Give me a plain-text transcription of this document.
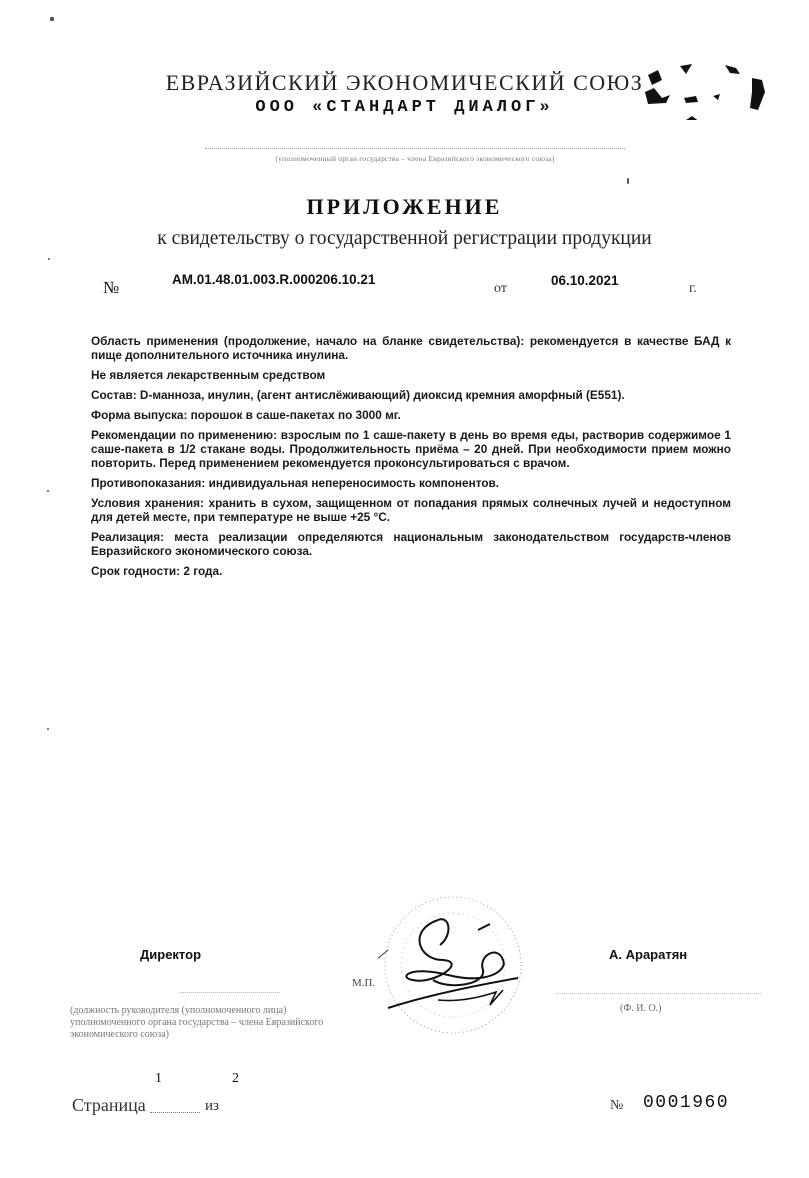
ЕВРАЗИЙСКИЙ ЭКОНОМИЧЕСКИЙ СОЮЗ
ООО «СТАНДАРТ ДИАЛОГ»
(уполномоченный орган государства – члена Евразийского экономического союза)
ПРИЛОЖЕНИЕ
к свидетельству о государственной регистрации продукции
№	AM.01.48.01.003.R.000206.10.21
от
06.10.2021
г.

Область применения (продолжение, начало на бланке свидетельства): рекомендуется в качестве БАД к пище дополнительного источника инулина.

Не является лекарственным средством

Состав: D-манноза, инулин, (агент антислёживающий) диоксид кремния аморфный (E551).

Форма выпуска: порошок в саше-пакетах по 3000 мг.

Рекомендации по применению: взрослым по 1 саше-пакету в день во время еды, растворив содержимое 1 саше-пакета в 1/2 стакане воды. Продолжительность приёма – 20 дней. При необходимости прием можно повторить. Перед применением рекомендуется проконсультироваться с врачом.

Противопоказания: индивидуальная непереносимость компонентов.

Условия хранения: хранить в сухом, защищенном от попадания прямых солнечных лучей и недоступном для детей месте, при температуре не выше +25 °С.

Реализация: места реализации определяются национальным законодательством государств-членов Евразийского экономического союза.

Срок годности: 2 года.

Директор	А. Араратян
М.П.
(Ф. И. О.)
(должность руководителя (уполномоченного лица) уполномоченного органа государства – члена Евразийского экономического союза)
1	2
Страница	из	№ 0001960
